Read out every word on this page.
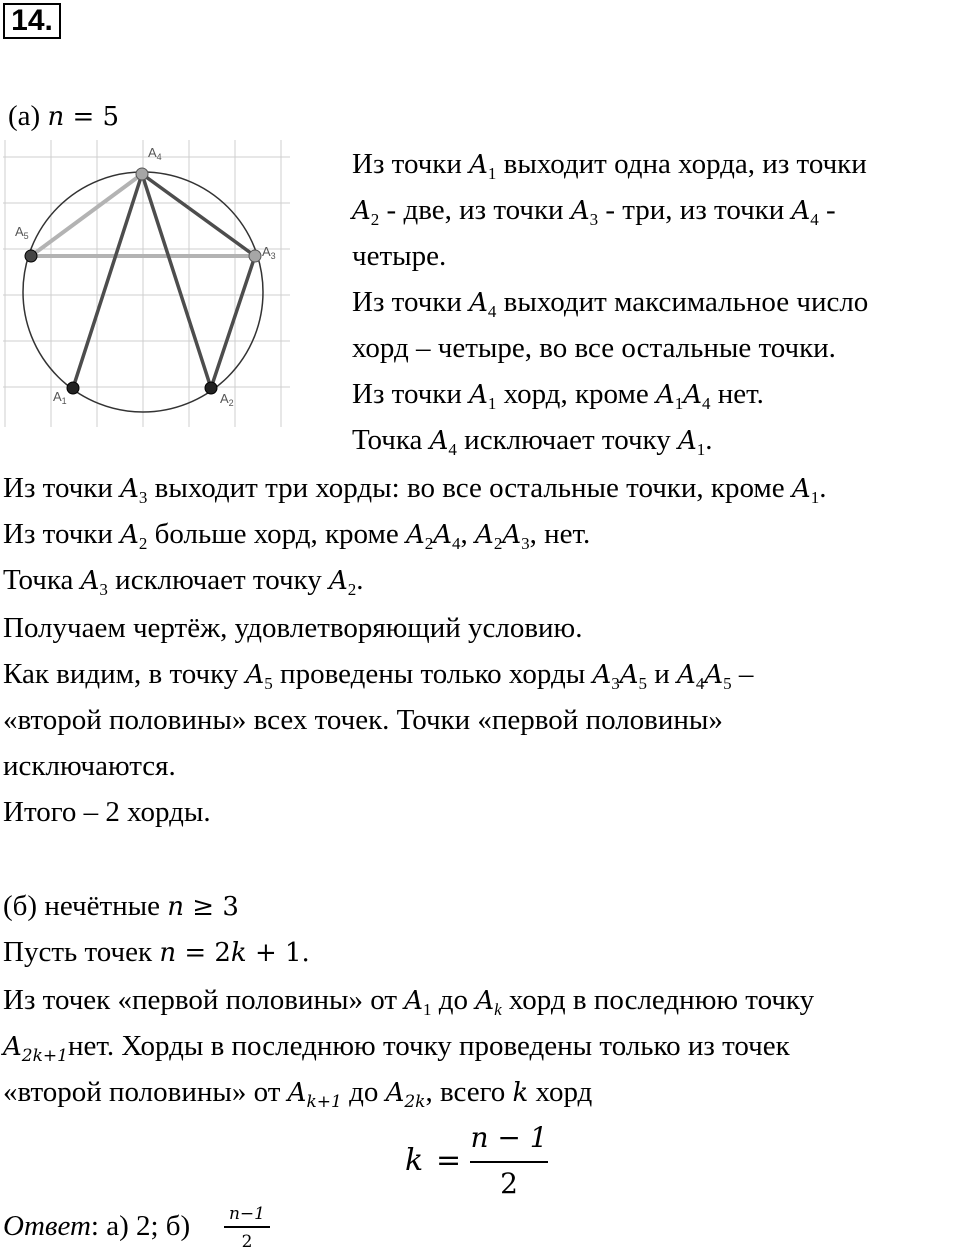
14.
(а) n = 5
$A_1$	$A_2$
$A_3$
$A_4$
$A_5$
Из точки $A_1$ выходит одна хорда, из точки
$A_2$ - две, из точки $A_3$ - три, из точки $A_4$ -
четыре.
Из точки $A_4$ выходит максимальное число
хорд – четыре, во все остальные точки.
Из точки $A_1$ хорд, кроме $A_1A_4$ нет.
Точка $A_4$ исключает точку $A_1$.
Из точки $A_3$ выходит три хорды: во все остальные точки, кроме $A_1$.
Из точки $A_2$ больше хорд, кроме $A_2A_4$, $A_2A_3$, нет.
Точка $A_3$ исключает точку $A_2$.
Получаем чертёж, удовлетворяющий условию.
Как видим, в точку $A_5$ проведены только хорды $A_3A_5$ и $A_4A_5$ –
«второй половины» всех точек. Точки «первой половины»
исключаются.
Итого – 2 хорды.
(б) нечётные n ≥ 3
Пусть точек n = 2k + 1.
Из точек «первой половины» от $A_1$ до $A_k$ хорд в последнюю точку
$A_{2k+1}нет$. Хорды в последнюю точку проведены только из точек
«второй половины» от $A_{k+1}$ до $A_{2k}$, всего k хорд
k =
n − 1
2
Ответ: а) 2; б)	n−1
2
